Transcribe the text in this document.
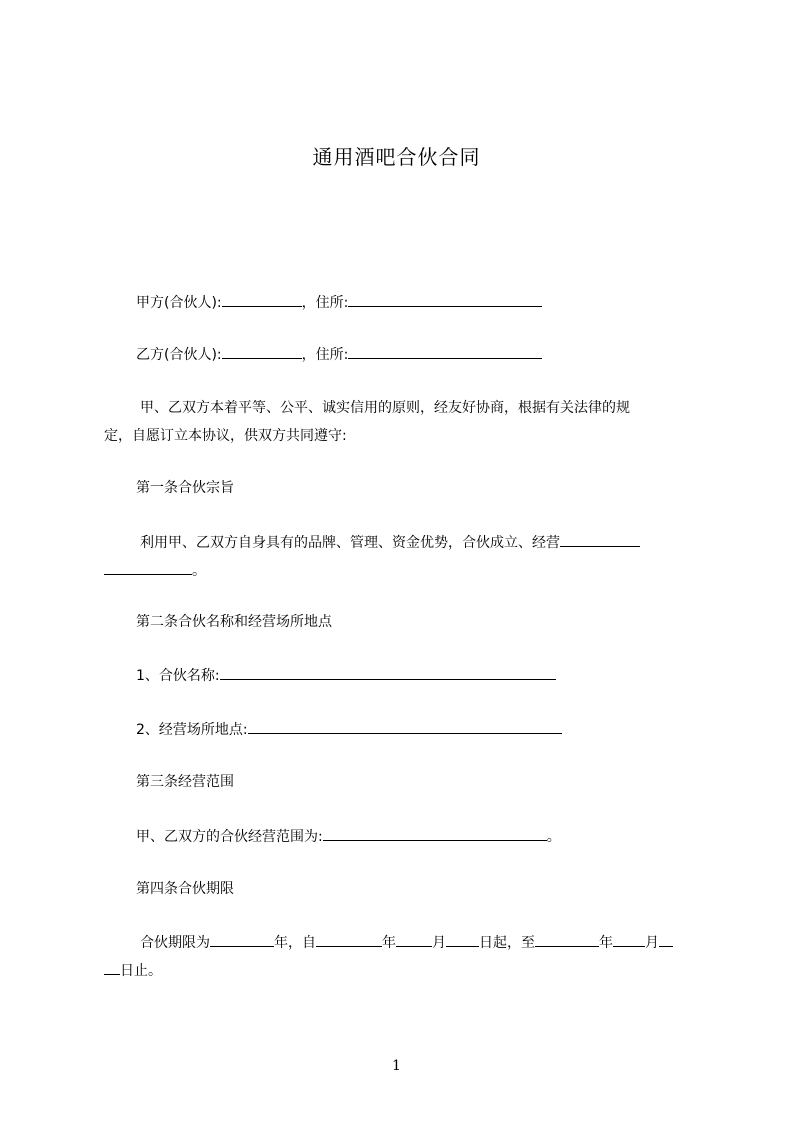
通用酒吧合伙合同
甲方(合伙人):	，住所:
乙方(合伙人):	，住所:
甲、乙双方本着平等、公平、诚实信用的原则，经友好协商，根据有关法律的规
定，自愿订立本协议，供双方共同遵守:
第一条合伙宗旨
利用甲、乙双方自身具有的品牌、管理、资金优势，合伙成立、经营
。
第二条合伙名称和经营场所地点
1、合伙名称:
2、经营场所地点:
第三条经营范围
甲、乙双方的合伙经营范围为:	。
第四条合伙期限
合伙期限为	年，自	年	月 日起，至	年 月
日止。
1
